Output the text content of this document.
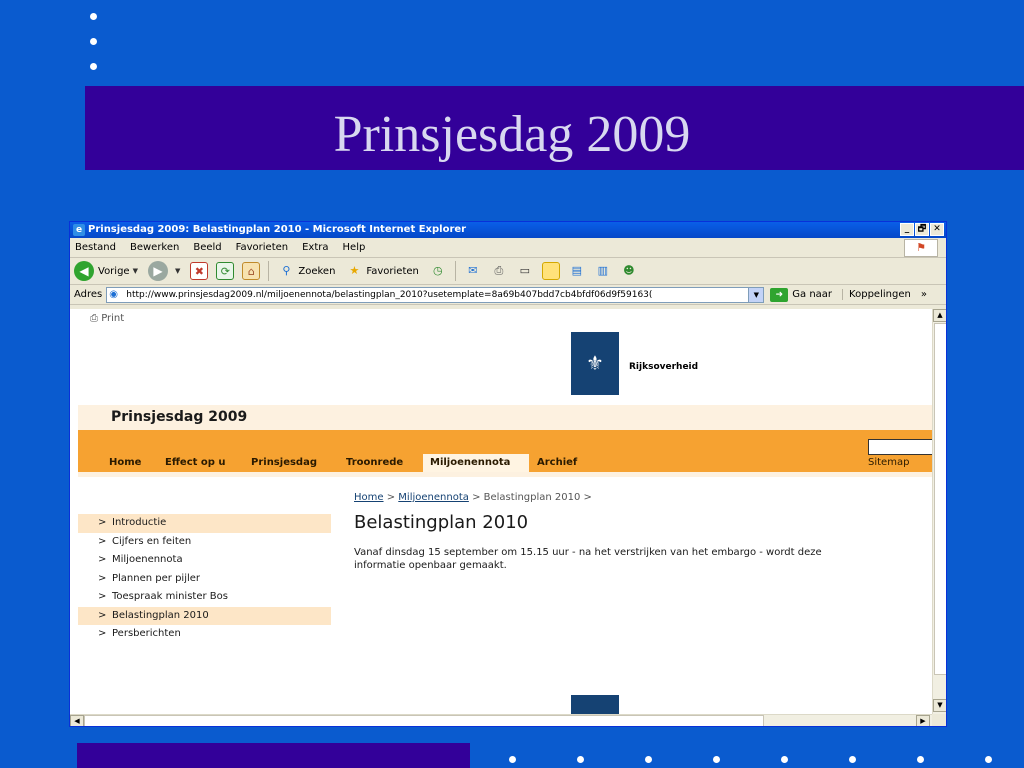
Prinsjesdag 2009
e Prinsjesdag 2009: Belastingplan 2010 - Microsoft Internet Explorer	_ 🗗 ✕
Bestand Bewerken Beeld Favorieten Extra Help	⚑
◀ Vorige ▼	▶	▼	✖	⟳	⌂	⚲ Zoeken	★ Favorieten	◷	✉	⎙	▭	▤	▥	☻
Adres ◉ http://www.prinsjesdag2009.nl/miljoenennota/belastingplan_2010?usetemplate=8a69b407bdd7cb4bfdf06d9f59163(	▼	➜ Ga naar	Koppelingen »
⎙ Print
⚜	Rijksoverheid
Prinsjesdag 2009
Home Effect op u	Prinsjesdag	Troonrede	Miljoenennota	Archief	Sitemap
Home > Miljoenennota > Belastingplan 2010 >
Belastingplan 2010
Vanaf dinsdag 15 september om 15.15 uur - na het verstrijken van het embargo - wordt deze informatie openbaar gemaakt.
> Introductie
> Cijfers en feiten
> Miljoenennota
> Plannen per pijler
> Toespraak minister Bos
> Belastingplan 2010
> Persberichten
▲
▼
◀	▶
